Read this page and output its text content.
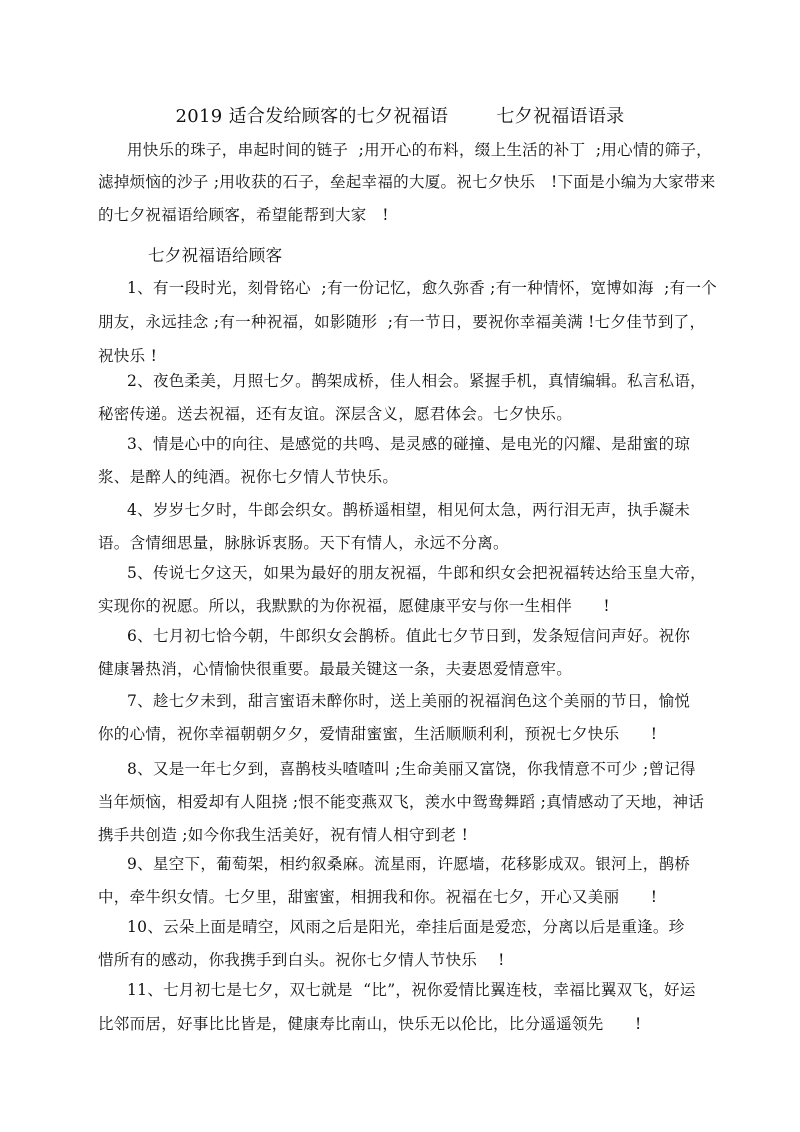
2019 适合发给顾客的七夕祝福语        七夕祝福语语录
用快乐的珠子，串起时间的链子  ;用开心的布料，缀上生活的补丁  ;用心情的筛子，
滤掉烦恼的沙子 ;用收获的石子，垒起幸福的大厦。祝七夕快乐   !下面是小编为大家带来
的七夕祝福语给顾客，希望能帮到大家   !
七夕祝福语给顾客
1、有一段时光，刻骨铭心  ;有一份记忆，愈久弥香 ;有一种情怀，宽博如海  ;有一个
朋友，永远挂念 ;有一种祝福，如影随形  ;有一节日，要祝你幸福美满 !七夕佳节到了，
祝快乐 !
2、夜色柔美，月照七夕。鹊架成桥，佳人相会。紧握手机，真情编辑。私言私语，
秘密传递。送去祝福，还有友谊。深层含义，愿君体会。七夕快乐。
3、情是心中的向往、是感觉的共鸣、是灵感的碰撞、是电光的闪耀、是甜蜜的琼
浆、是醉人的纯酒。祝你七夕情人节快乐。
4、岁岁七夕时，牛郎会织女。鹊桥遥相望，相见何太急，两行泪无声，执手凝未
语。含情细思量，脉脉诉衷肠。天下有情人，永远不分离。
5、传说七夕这天，如果为最好的朋友祝福，牛郎和织女会把祝福转达给玉皇大帝，
实现你的祝愿。所以，我默默的为你祝福，愿健康平安与你一生相伴      !
6、七月初七恰今朝，牛郎织女会鹊桥。值此七夕节日到，发条短信问声好。祝你
健康暑热消，心情愉快很重要。最最关键这一条，夫妻恩爱情意牢。
7、趁七夕未到，甜言蜜语未醉你时，送上美丽的祝福润色这个美丽的节日，愉悦
你的心情，祝你幸福朝朝夕夕，爱情甜蜜蜜，生活顺顺利利，预祝七夕快乐      !
8、又是一年七夕到，喜鹊枝头喳喳叫 ;生命美丽又富饶，你我情意不可少 ;曾记得
当年烦恼，相爱却有人阻挠 ;恨不能变燕双飞，羡水中鸳鸯舞蹈 ;真情感动了天地，神话
携手共创造 ;如今你我生活美好，祝有情人相守到老 !
9、星空下，葡萄架，相约叙桑麻。流星雨，许愿墙，花移影成双。银河上，鹊桥
中，牵牛织女情。七夕里，甜蜜蜜，相拥我和你。祝福在七夕，开心又美丽      !
10、云朵上面是晴空，风雨之后是阳光，牵挂后面是爱恋，分离以后是重逢。珍
惜所有的感动，你我携手到白头。祝你七夕情人节快乐    !
11、七月初七是七夕，双七就是  “比”，祝你爱情比翼连枝，幸福比翼双飞，好运
比邻而居，好事比比皆是，健康寿比南山，快乐无以伦比，比分遥遥领先      !
